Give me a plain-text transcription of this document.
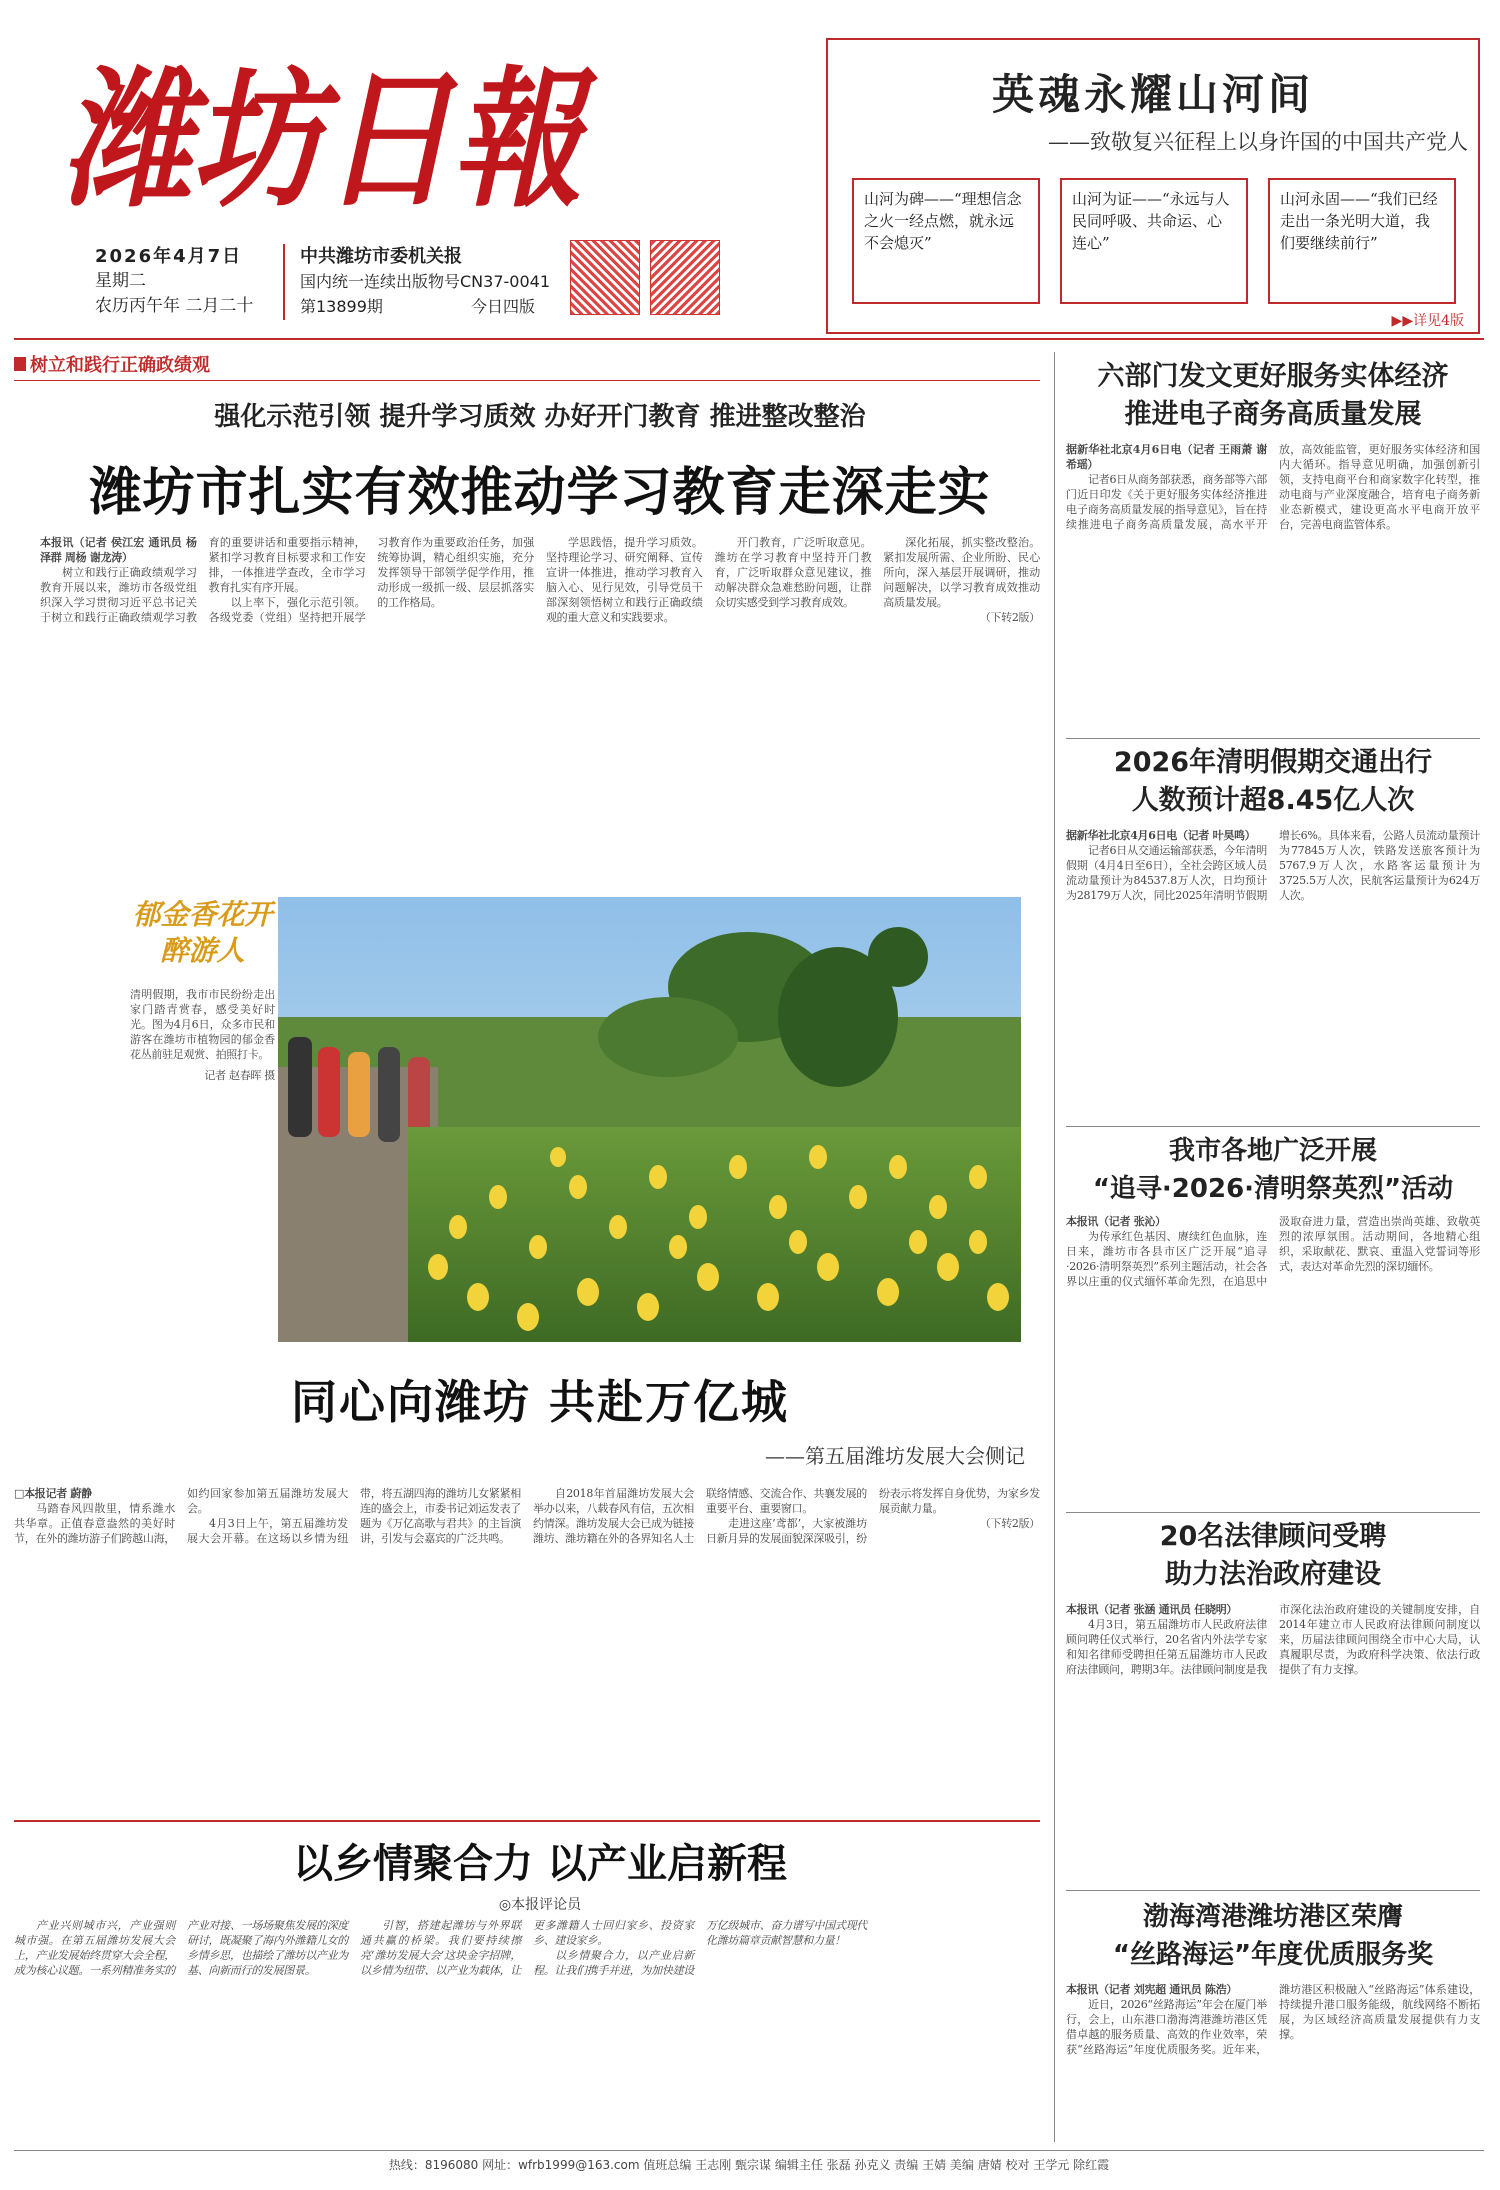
潍坊日報
2026年4月7日
星期二
农历丙午年 二月二十
中共潍坊市委机关报
国内统一连续出版物号CN37-0041
第13899期	今日四版
英魂永耀山河间
——致敬复兴征程上以身许国的中国共产党人
山河为碑——“理想信念之火一经点燃，就永远不会熄灭”
山河为证——“永远与人民同呼吸、共命运、心连心”
山河永固——“我们已经走出一条光明大道，我们要继续前行”
▶▶详见4版
树立和践行正确政绩观
强化示范引领 提升学习质效 办好开门教育 推进整改整治
潍坊市扎实有效推动学习教育走深走实

本报讯（记者 侯江宏 通讯员 杨泽群 周杨 谢龙涛）

树立和践行正确政绩观学习教育开展以来，潍坊市各级党组织深入学习贯彻习近平总书记关于树立和践行正确政绩观学习教育的重要讲话和重要指示精神，紧扣学习教育目标要求和工作安排，一体推进学查改，全市学习教育扎实有序开展。

以上率下，强化示范引领。各级党委（党组）坚持把开展学习教育作为重要政治任务，加强统筹协调，精心组织实施，充分发挥领导干部领学促学作用，推动形成一级抓一级、层层抓落实的工作格局。

学思践悟，提升学习质效。坚持理论学习、研究阐释、宣传宣讲一体推进，推动学习教育入脑入心、见行见效，引导党员干部深刻领悟树立和践行正确政绩观的重大意义和实践要求。

开门教育，广泛听取意见。潍坊在学习教育中坚持开门教育，广泛听取群众意见建议，推动解决群众急难愁盼问题，让群众切实感受到学习教育成效。

深化拓展，抓实整改整治。紧扣发展所需、企业所盼、民心所向，深入基层开展调研，推动问题解决，以学习教育成效推动高质量发展。

（下转2版）

郁金香花开
醉游人
清明假期，我市市民纷纷走出家门踏青赏春，感受美好时光。图为4月6日，众多市民和游客在潍坊市植物园的郁金香花丛前驻足观赏、拍照打卡。
记者 赵春晖 摄
同心向潍坊 共赴万亿城
——第五届潍坊发展大会侧记

□本报记者 蔚静

马踏春风四散里，情系潍水共华章。正值春意盎然的美好时节，在外的潍坊游子们跨越山海，如约回家参加第五届潍坊发展大会。

4月3日上午，第五届潍坊发展大会开幕。在这场以乡情为纽带，将五湖四海的潍坊儿女紧紧相连的盛会上，市委书记刘运发表了题为《万亿高歌与君共》的主旨演讲，引发与会嘉宾的广泛共鸣。

自2018年首届潍坊发展大会举办以来，八载春风有信，五次相约情深。潍坊发展大会已成为链接潍坊、潍坊籍在外的各界知名人士联络情感、交流合作、共襄发展的重要平台、重要窗口。

走进这座‘鸢都’，大家被潍坊日新月异的发展面貌深深吸引，纷纷表示将发挥自身优势，为家乡发展贡献力量。

（下转2版）

以乡情聚合力 以产业启新程
◎本报评论员

产业兴则城市兴，产业强则城市强。在第五届潍坊发展大会上，产业发展始终贯穿大会全程，成为核心议题。一系列精准务实的产业对接、一场场聚焦发展的深度研讨，既凝聚了海内外潍籍儿女的乡情乡思，也描绘了潍坊以产业为基、向新而行的发展图景。

引智，搭建起潍坊与外界联通共赢的桥梁。我们要持续擦亮‘潍坊发展大会’这块金字招牌，以乡情为纽带、以产业为载体，让更多潍籍人士回归家乡、投资家乡、建设家乡。

以乡情聚合力，以产业启新程。让我们携手并进，为加快建设万亿级城市、奋力谱写中国式现代化潍坊篇章贡献智慧和力量！

六部门发文更好服务实体经济
推进电子商务高质量发展

据新华社北京4月6日电（记者 王雨萧 谢希瑶）

记者6日从商务部获悉，商务部等六部门近日印发《关于更好服务实体经济推进电子商务高质量发展的指导意见》，旨在持续推进电子商务高质量发展，高水平开放，高效能监管，更好服务实体经济和国内大循环。指导意见明确，加强创新引领，支持电商平台和商家数字化转型，推动电商与产业深度融合，培育电子商务新业态新模式，建设更高水平电商开放平台，完善电商监管体系。

2026年清明假期交通出行
人数预计超8.45亿人次

据新华社北京4月6日电（记者 叶昊鸣）

记者6日从交通运输部获悉，今年清明假期（4月4日至6日），全社会跨区域人员流动量预计为84537.8万人次，日均预计为28179万人次，同比2025年清明节假期增长6%。具体来看，公路人员流动量预计为77845万人次，铁路发送旅客预计为5767.9万人次，水路客运量预计为3725.5万人次，民航客运量预计为624万人次。

我市各地广泛开展
“追寻·2026·清明祭英烈”活动

本报讯（记者 张沁）

为传承红色基因、赓续红色血脉，连日来，潍坊市各县市区广泛开展“追寻·2026·清明祭英烈”系列主题活动，社会各界以庄重的仪式缅怀革命先烈，在追思中汲取奋进力量，营造出崇尚英雄、致敬英烈的浓厚氛围。活动期间，各地精心组织，采取献花、默哀、重温入党誓词等形式，表达对革命先烈的深切缅怀。

20名法律顾问受聘
助力法治政府建设

本报讯（记者 张涵 通讯员 任晓明）

4月3日，第五届潍坊市人民政府法律顾问聘任仪式举行，20名省内外法学专家和知名律师受聘担任第五届潍坊市人民政府法律顾问，聘期3年。法律顾问制度是我市深化法治政府建设的关键制度安排，自2014年建立市人民政府法律顾问制度以来，历届法律顾问围绕全市中心大局，认真履职尽责，为政府科学决策、依法行政提供了有力支撑。

渤海湾港潍坊港区荣膺
“丝路海运”年度优质服务奖

本报讯（记者 刘宪超 通讯员 陈浩）

近日，2026“丝路海运”年会在厦门举行，会上，山东港口渤海湾港潍坊港区凭借卓越的服务质量、高效的作业效率，荣获“丝路海运”年度优质服务奖。近年来，潍坊港区积极融入“丝路海运”体系建设，持续提升港口服务能级，航线网络不断拓展，为区域经济高质量发展提供有力支撑。

热线：8196080 网址：wfrb1999@163.com 值班总编 王志刚 甄宗谋 编辑主任 张磊 孙克义 责编 王婧 美编 唐婧 校对 王学元 除红霞
